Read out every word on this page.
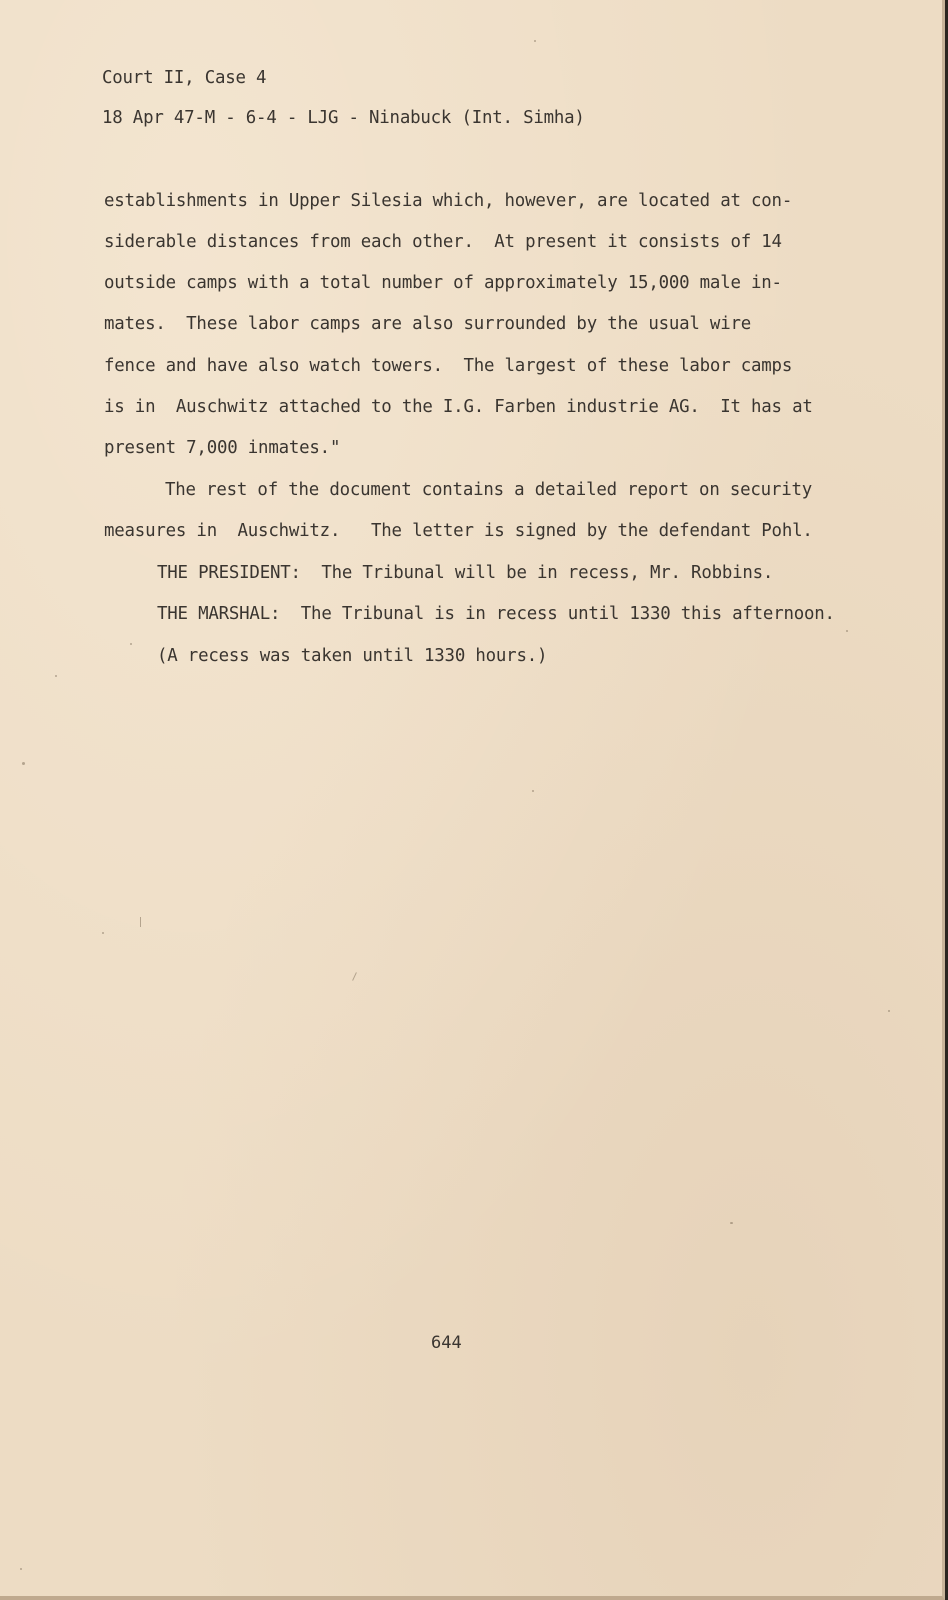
Court II, Case 4
18 Apr 47-M - 6-4 - LJG - Ninabuck (Int. Simha)
establishments in Upper Silesia which, however, are located at con-
siderable distances from each other.  At present it consists of 14
outside camps with a total number of approximately 15,000 male in-
mates.  These labor camps are also surrounded by the usual wire
fence and have also watch towers.  The largest of these labor camps
is in  Auschwitz attached to the I.G. Farben industrie AG.  It has at
present 7,000 inmates."
The rest of the document contains a detailed report on security
measures in  Auschwitz.   The letter is signed by the defendant Pohl.
THE PRESIDENT:  The Tribunal will be in recess, Mr. Robbins.
THE MARSHAL:  The Tribunal is in recess until 1330 this afternoon.
(A recess was taken until 1330 hours.)
644
